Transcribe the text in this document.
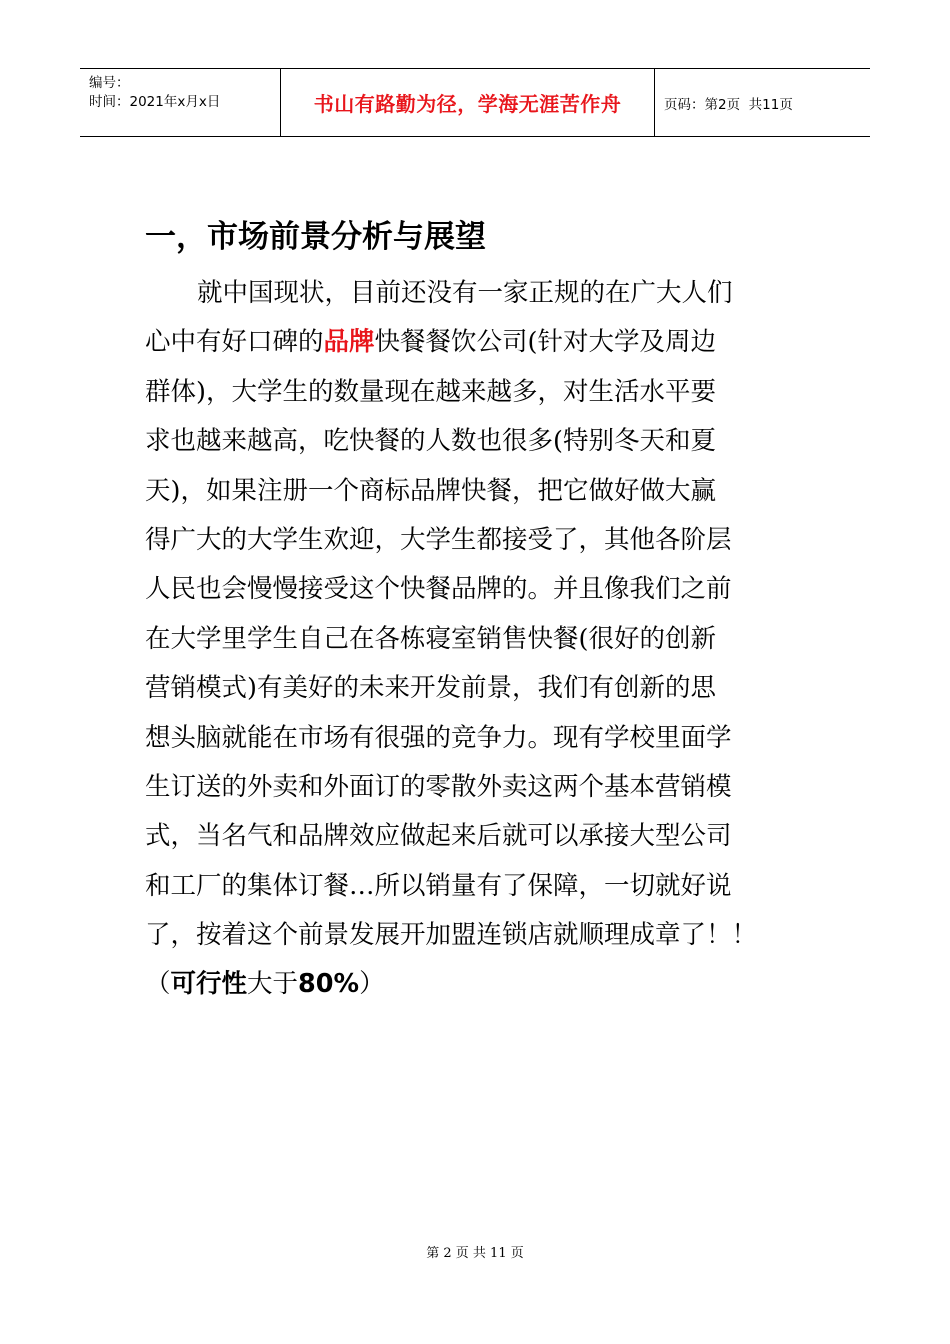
编号：
时间：2021年x月x日	书山有路勤为径，学海无涯苦作舟	页码：第2页  共11页
一，市场前景分析与展望
就中国现状，目前还没有一家正规的在广大人们
心中有好口碑的品牌快餐餐饮公司(针对大学及周边
群体)，大学生的数量现在越来越多，对生活水平要
求也越来越高，吃快餐的人数也很多(特别冬天和夏
天)，如果注册一个商标品牌快餐，把它做好做大赢
得广大的大学生欢迎，大学生都接受了，其他各阶层
人民也会慢慢接受这个快餐品牌的。并且像我们之前
在大学里学生自己在各栋寝室销售快餐(很好的创新
营销模式)有美好的未来开发前景，我们有创新的思
想头脑就能在市场有很强的竞争力。现有学校里面学
生订送的外卖和外面订的零散外卖这两个基本营销模
式，当名气和品牌效应做起来后就可以承接大型公司
和工厂的集体订餐…所以销量有了保障，一切就好说
了，按着这个前景发展开加盟连锁店就顺理成章了！！
（可行性大于80%）
第 2 页 共 11 页
